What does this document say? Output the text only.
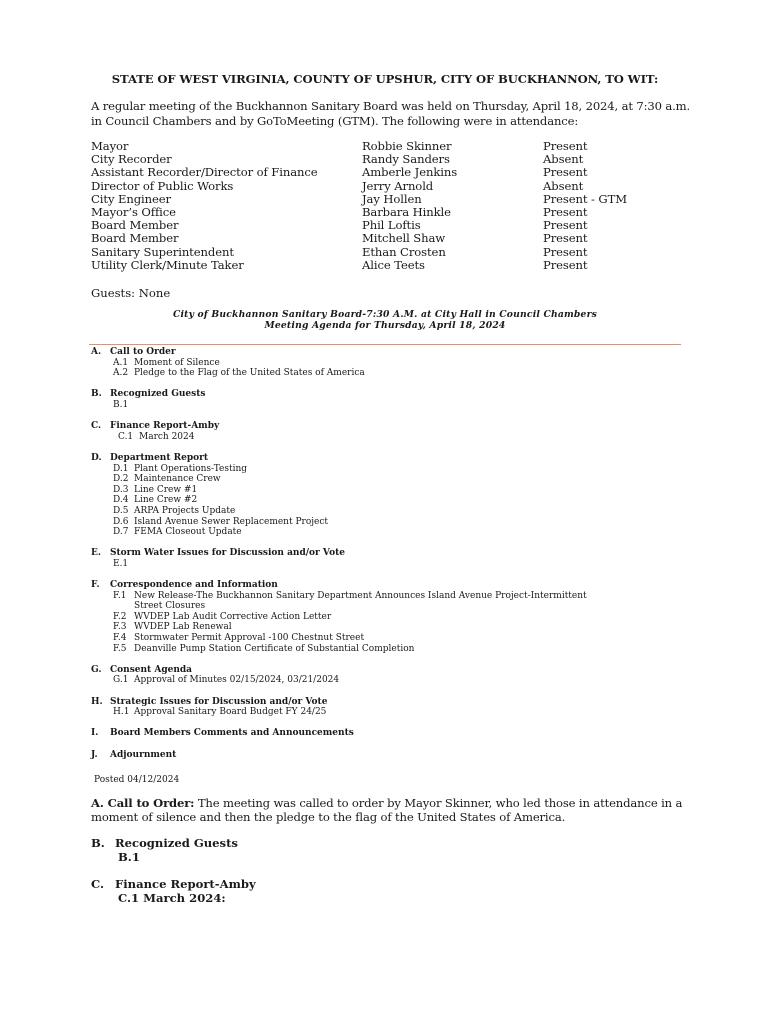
STATE OF WEST VIRGINIA, COUNTY OF UPSHUR, CITY OF BUCKHANNON, TO WIT:
A regular meeting of the Buckhannon Sanitary Board was held on Thursday, April 18, 2024, at 7:30 a.m. in Council Chambers and by GoToMeeting (GTM). The following were in attendance:
Mayor
City Recorder
Assistant Recorder/Director of Finance
Director of Public Works
City Engineer
Mayor’s Office
Board Member
Board Member
Sanitary Superintendent
Utility Clerk/Minute Taker
Robbie Skinner
Randy Sanders
Amberle Jenkins
Jerry Arnold
Jay Hollen
Barbara Hinkle
Phil Loftis
Mitchell Shaw
Ethan Crosten
Alice Teets
Present
Absent
Present
Absent
Present - GTM
Present
Present
Present
Present
Present
Guests: None
City of Buckhannon Sanitary Board-7:30 A.M. at City Hall in Council Chambers
Meeting Agenda for Thursday, April 18, 2024
A. Call to Order
A.1 Moment of Silence
A.2 Pledge to the Flag of the United States of America
B. Recognized Guests
B.1
C. Finance Report-Amby
C.1 March 2024
D. Department Report
D.1 Plant Operations-Testing
D.2 Maintenance Crew
D.3 Line Crew #1
D.4 Line Crew #2
D.5 ARPA Projects Update
D.6 Island Avenue Sewer Replacement Project
D.7 FEMA Closeout Update
E. Storm Water Issues for Discussion and/or Vote
E.1
F. Correspondence and Information
F.1 New Release-The Buckhannon Sanitary Department Announces Island Avenue Project-Intermittent
Street Closures
F.2 WVDEP Lab Audit Corrective Action Letter
F.3 WVDEP Lab Renewal
F.4 Stormwater Permit Approval -100 Chestnut Street
F.5 Deanville Pump Station Certificate of Substantial Completion
G. Consent Agenda
G.1 Approval of Minutes 02/15/2024, 03/21/2024
H. Strategic Issues for Discussion and/or Vote
H.1 Approval Sanitary Board Budget FY 24/25
I. Board Members Comments and Announcements
J. Adjournment
Posted 04/12/2024
A. Call to Order: The meeting was called to order by Mayor Skinner, who led those in attendance in a moment of silence and then the pledge to the flag of the United States of America.
B. Recognized Guests
B.1
C. Finance Report-Amby
C.1 March 2024:
